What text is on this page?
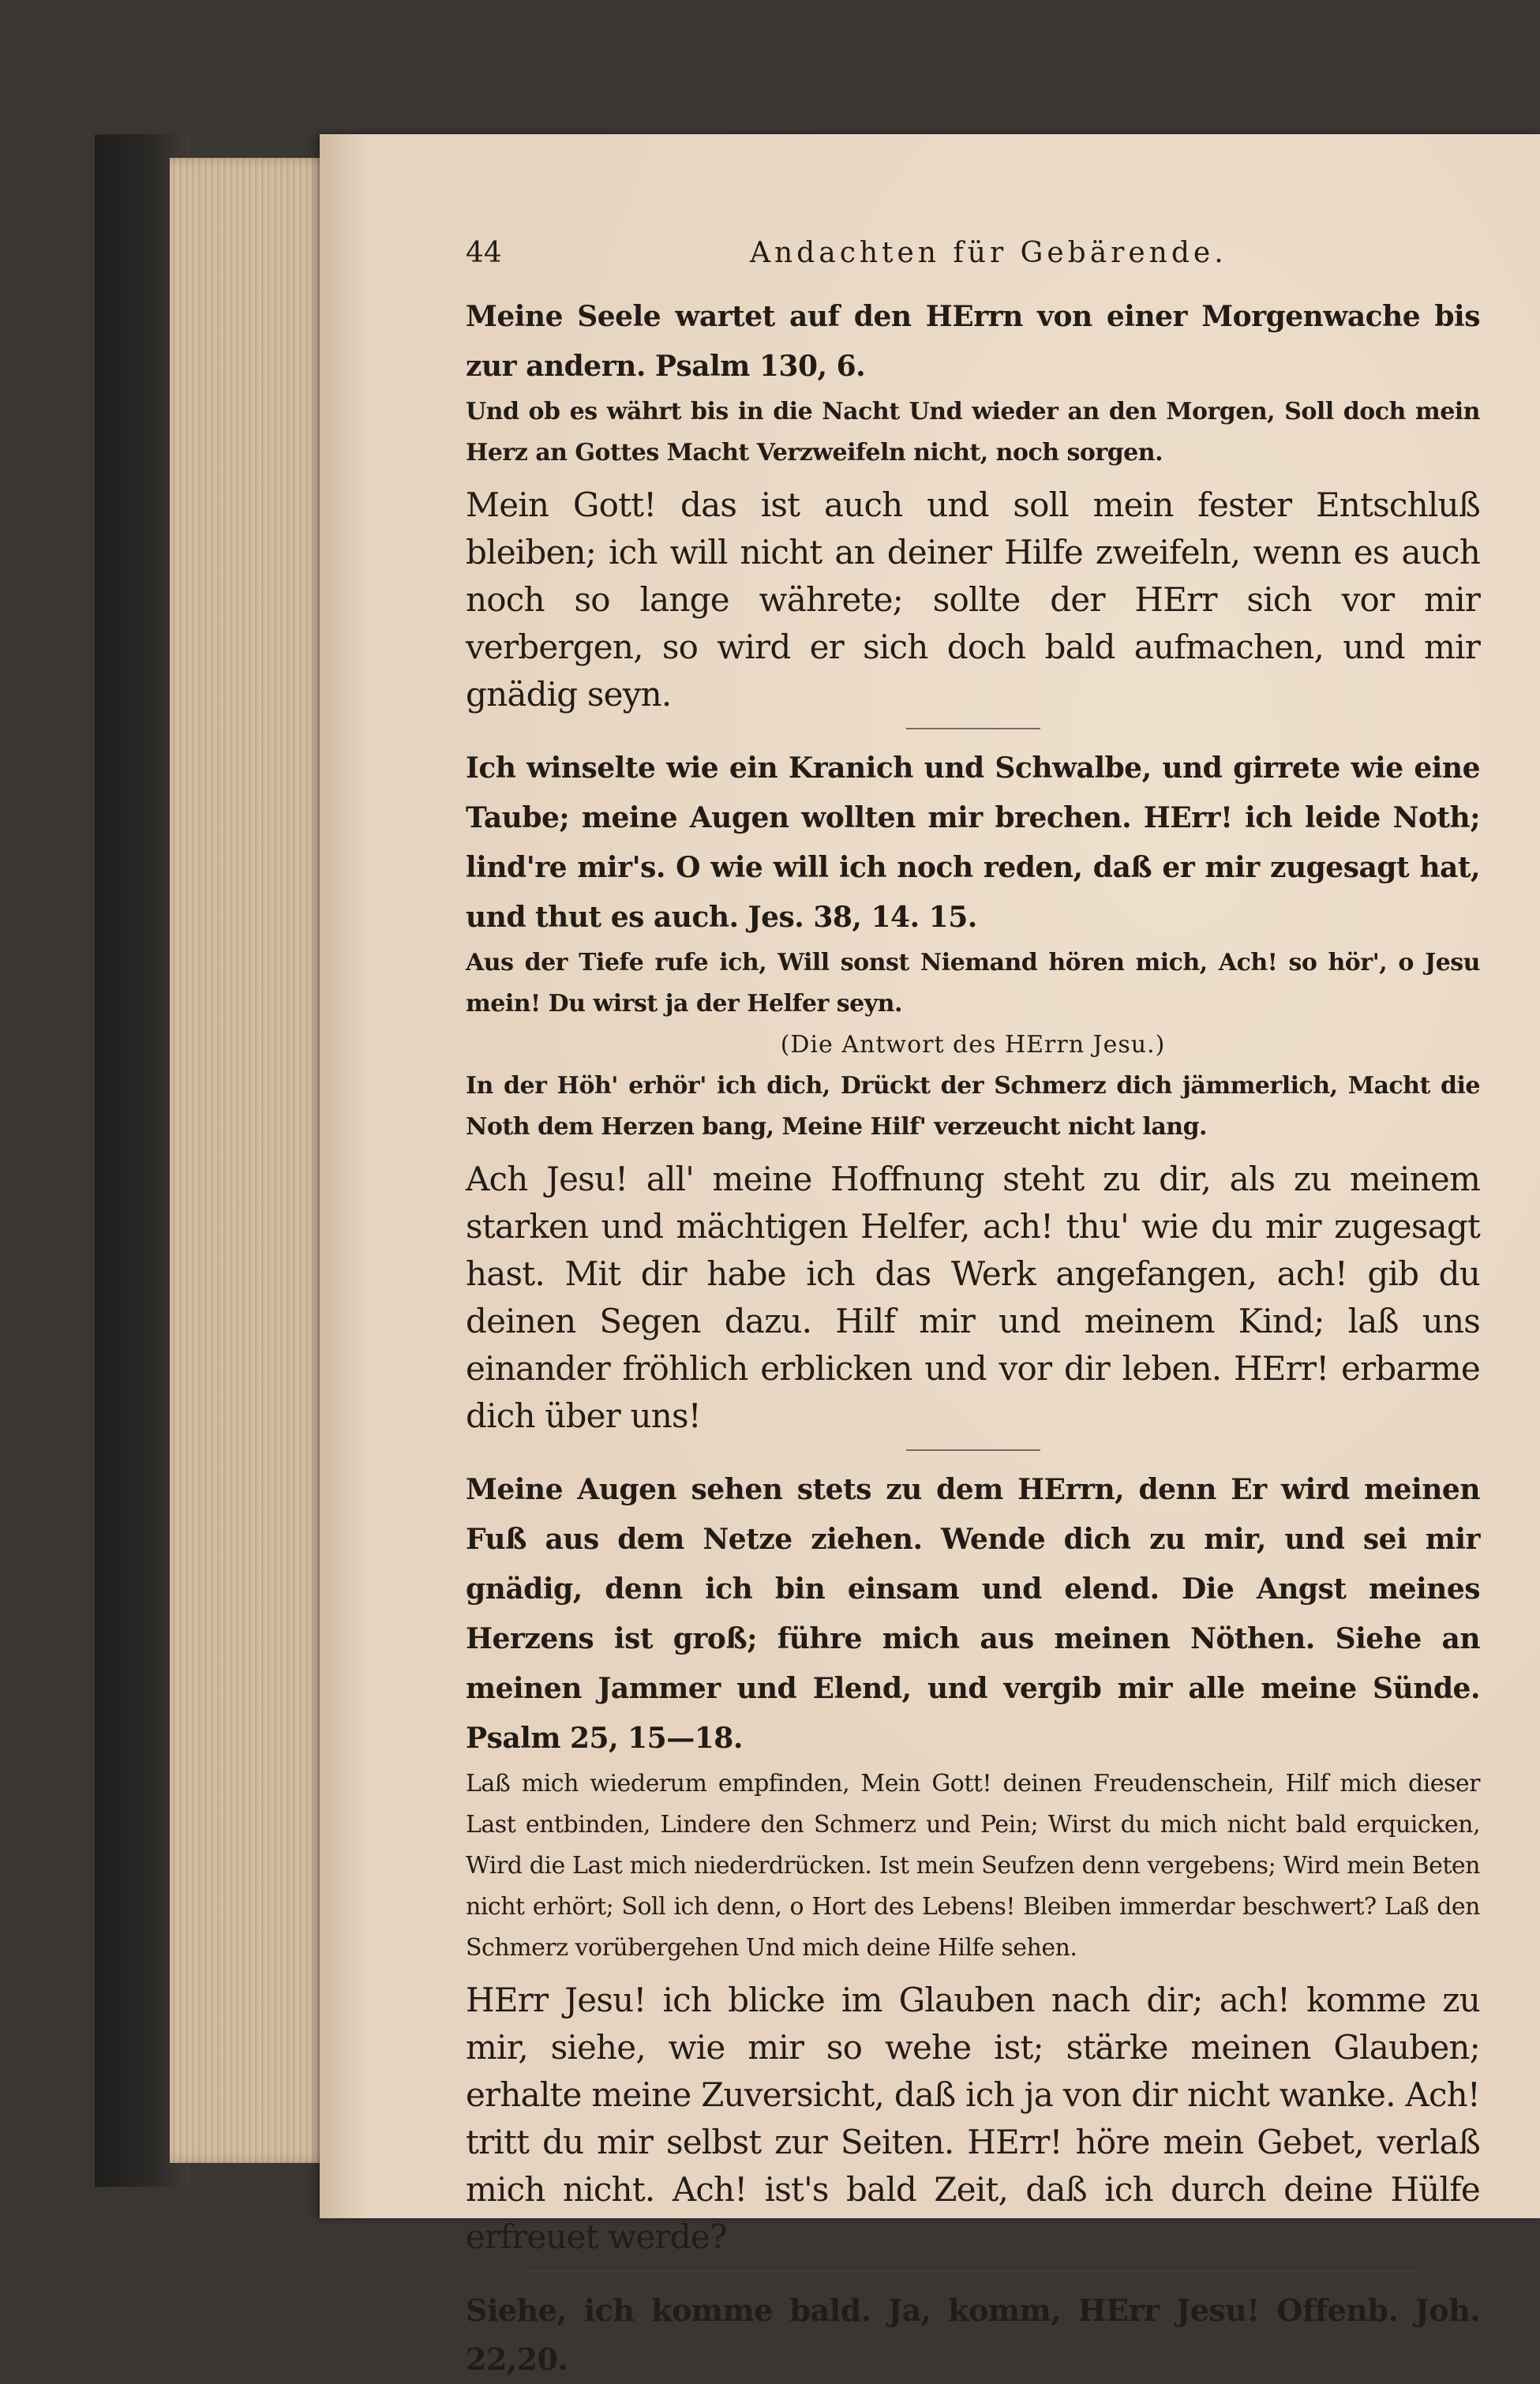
44	Andachten für Gebärende.

Meine Seele wartet auf den HErrn von einer Morgenwache bis zur andern. Psalm 130, 6.

Und ob es währt bis in die Nacht Und wieder an den Morgen, Soll doch mein Herz an Gottes Macht Verzweifeln nicht, noch sorgen.

Mein Gott! das ist auch und soll mein fester Entschluß bleiben; ich will nicht an deiner Hilfe zweifeln, wenn es auch noch so lange währete; sollte der HErr sich vor mir verbergen, so wird er sich doch bald aufmachen, und mir gnädig seyn.

Ich winselte wie ein Kranich und Schwalbe, und girrete wie eine Taube; meine Augen wollten mir brechen. HErr! ich leide Noth; lind're mir's. O wie will ich noch reden, daß er mir zugesagt hat, und thut es auch. Jes. 38, 14. 15.

Aus der Tiefe rufe ich, Will sonst Niemand hören mich, Ach! so hör', o Jesu mein! Du wirst ja der Helfer seyn.

(Die Antwort des HErrn Jesu.)

In der Höh' erhör' ich dich, Drückt der Schmerz dich jämmerlich, Macht die Noth dem Herzen bang, Meine Hilf' verzeucht nicht lang.

Ach Jesu! all' meine Hoffnung steht zu dir, als zu meinem starken und mächtigen Helfer, ach! thu' wie du mir zugesagt hast. Mit dir habe ich das Werk angefangen, ach! gib du deinen Segen dazu. Hilf mir und meinem Kind; laß uns einander fröhlich erblicken und vor dir leben. HErr! erbarme dich über uns!

Meine Augen sehen stets zu dem HErrn, denn Er wird meinen Fuß aus dem Netze ziehen. Wende dich zu mir, und sei mir gnädig, denn ich bin einsam und elend. Die Angst meines Herzens ist groß; führe mich aus meinen Nöthen. Siehe an meinen Jammer und Elend, und vergib mir alle meine Sünde. Psalm 25, 15—18.

Laß mich wiederum empfinden, Mein Gott! deinen Freudenschein, Hilf mich dieser Last entbinden, Lindere den Schmerz und Pein; Wirst du mich nicht bald erquicken, Wird die Last mich niederdrücken. Ist mein Seufzen denn vergebens; Wird mein Beten nicht erhört; Soll ich denn, o Hort des Lebens! Bleiben immerdar beschwert? Laß den Schmerz vorübergehen Und mich deine Hilfe sehen.

HErr Jesu! ich blicke im Glauben nach dir; ach! komme zu mir, siehe, wie mir so wehe ist; stärke meinen Glauben; erhalte meine Zuversicht, daß ich ja von dir nicht wanke. Ach! tritt du mir selbst zur Seiten. HErr! höre mein Gebet, verlaß mich nicht. Ach! ist's bald Zeit, daß ich durch deine Hülfe erfreuet werde?

Siehe, ich komme bald. Ja, komm, HErr Jesu! Offenb. Joh. 22,20.
